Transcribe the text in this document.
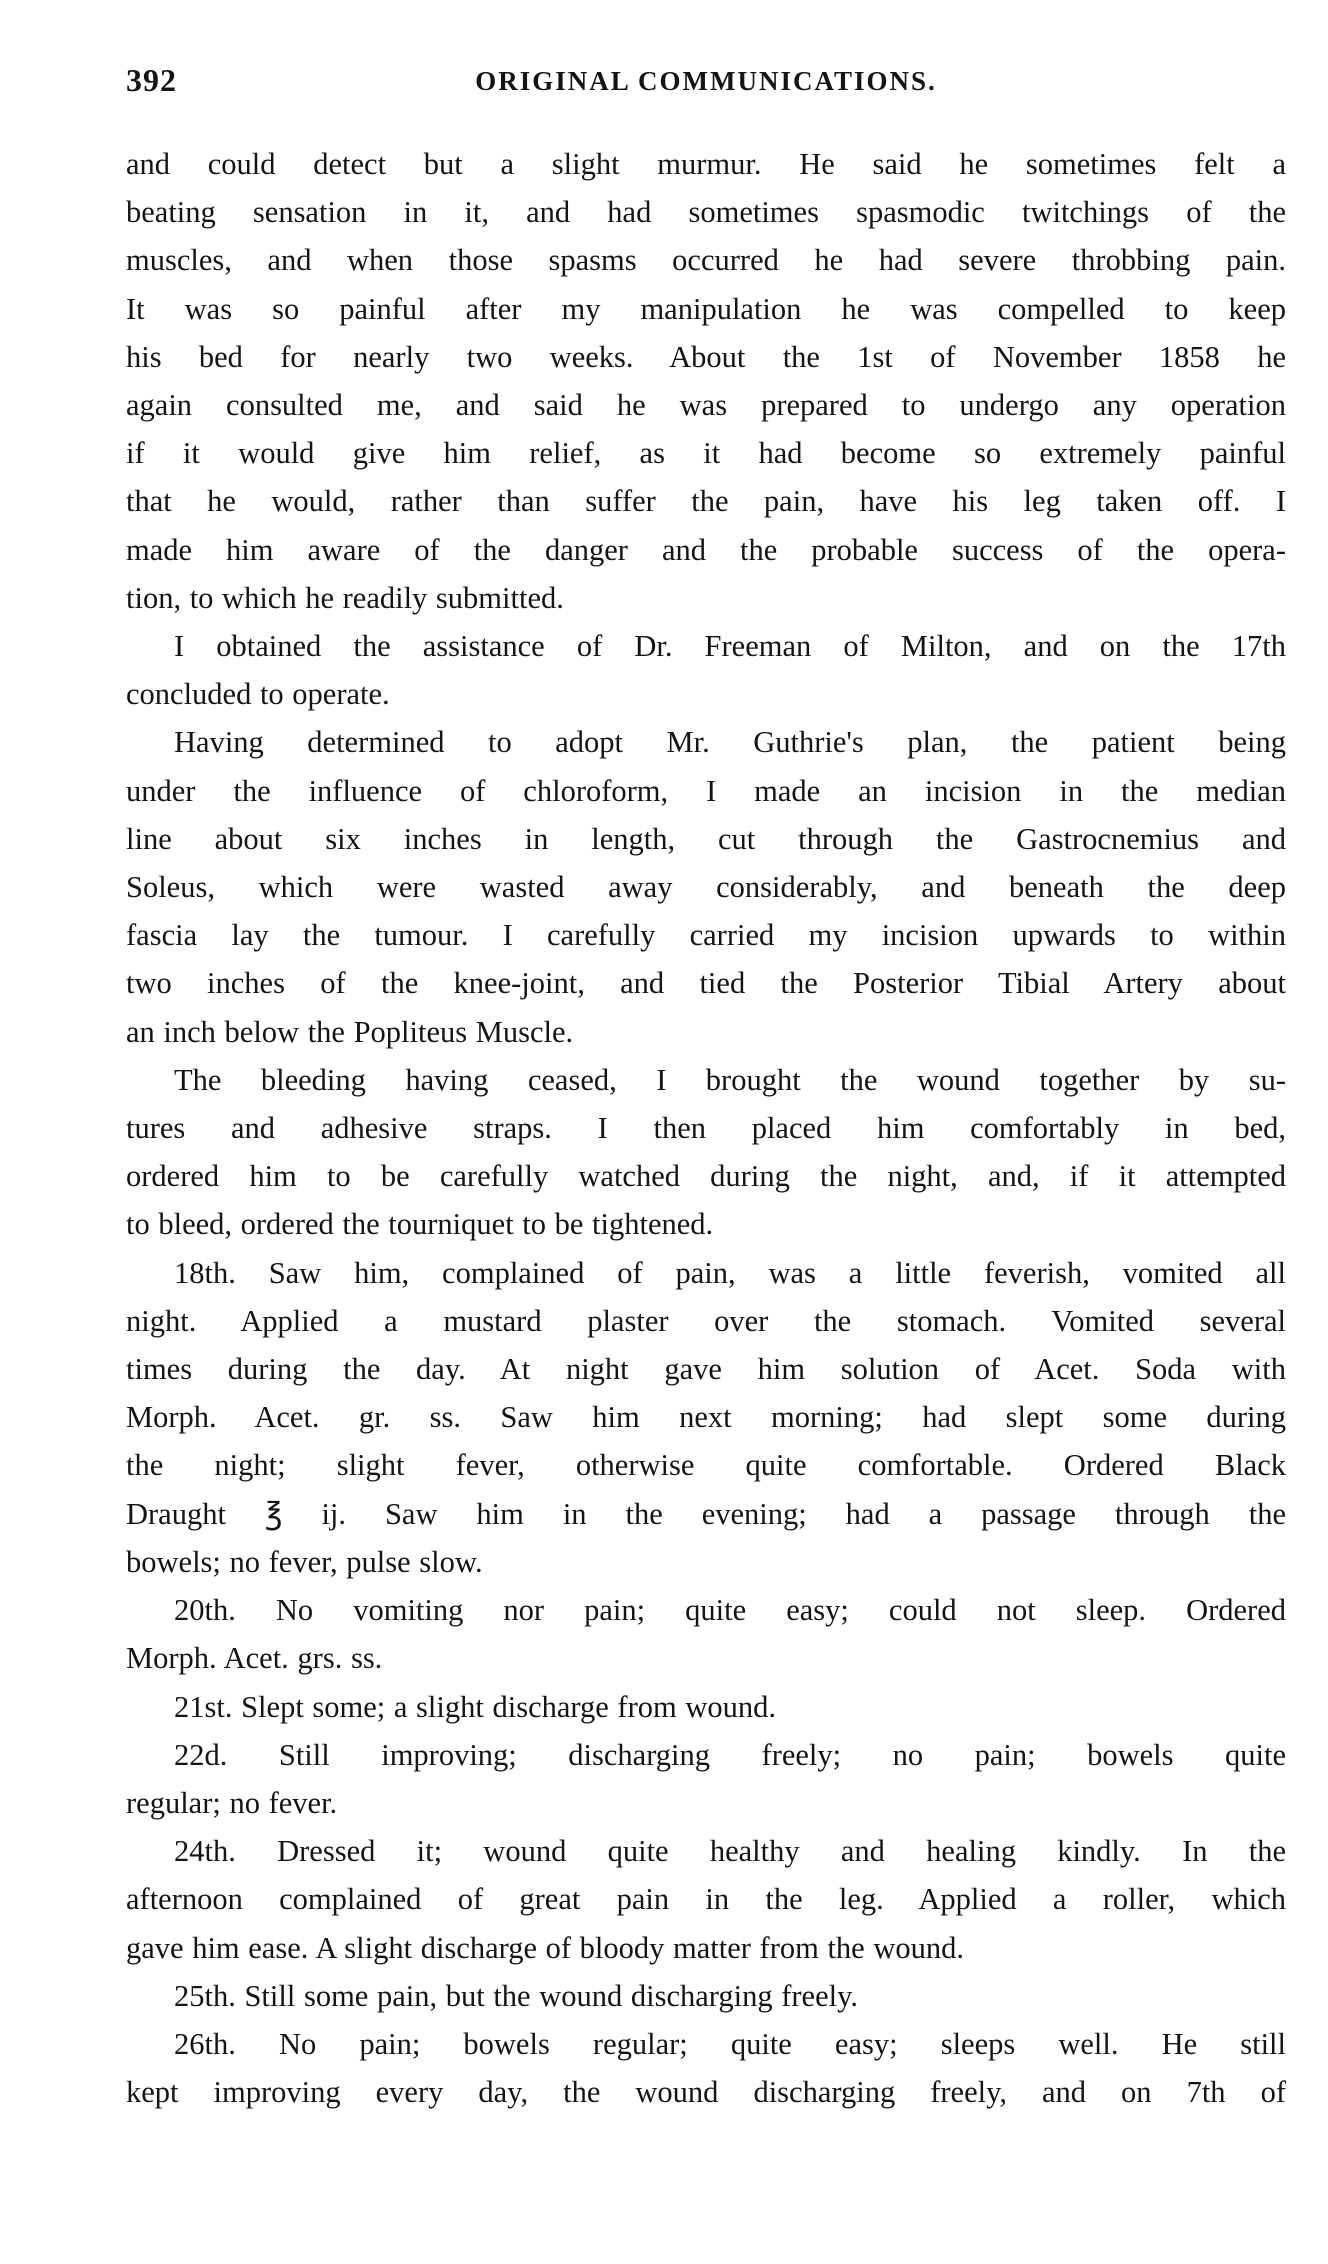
392	ORIGINAL COMMUNICATIONS.

and could detect but a slight murmur. He said he sometimes felt a

beating sensation in it, and had sometimes spasmodic twitchings of the

muscles, and when those spasms occurred he had severe throbbing pain.

It was so painful after my manipulation he was compelled to keep

his bed for nearly two weeks. About the 1st of November 1858 he

again consulted me, and said he was prepared to undergo any operation

if it would give him relief, as it had become so extremely painful

that he would, rather than suffer the pain, have his leg taken off. I

made him aware of the danger and the probable success of the opera-

tion, to which he readily submitted.

I obtained the assistance of Dr. Freeman of Milton, and on the 17th

concluded to operate.

Having determined to adopt Mr. Guthrie's plan, the patient being

under the influence of chloroform, I made an incision in the median

line about six inches in length, cut through the Gastrocnemius and

Soleus, which were wasted away considerably, and beneath the deep

fascia lay the tumour. I carefully carried my incision upwards to within

two inches of the knee-joint, and tied the Posterior Tibial Artery about

an inch below the Popliteus Muscle.

The bleeding having ceased, I brought the wound together by su-

tures and adhesive straps. I then placed him comfortably in bed,

ordered him to be carefully watched during the night, and, if it attempted

to bleed, ordered the tourniquet to be tightened.

18th. Saw him, complained of pain, was a little feverish, vomited all

night. Applied a mustard plaster over the stomach. Vomited several

times during the day. At night gave him solution of Acet. Soda with

Morph. Acet. gr. ss. Saw him next morning; had slept some during

the night; slight fever, otherwise quite comfortable. Ordered Black

Draught ℥ ij. Saw him in the evening; had a passage through the

bowels; no fever, pulse slow.

20th. No vomiting nor pain; quite easy; could not sleep. Ordered

Morph. Acet. grs. ss.

21st. Slept some; a slight discharge from wound.

22d. Still improving; discharging freely; no pain; bowels quite

regular; no fever.

24th. Dressed it; wound quite healthy and healing kindly. In the

afternoon complained of great pain in the leg. Applied a roller, which

gave him ease. A slight discharge of bloody matter from the wound.

25th. Still some pain, but the wound discharging freely.

26th. No pain; bowels regular; quite easy; sleeps well. He still

kept improving every day, the wound discharging freely, and on 7th of
